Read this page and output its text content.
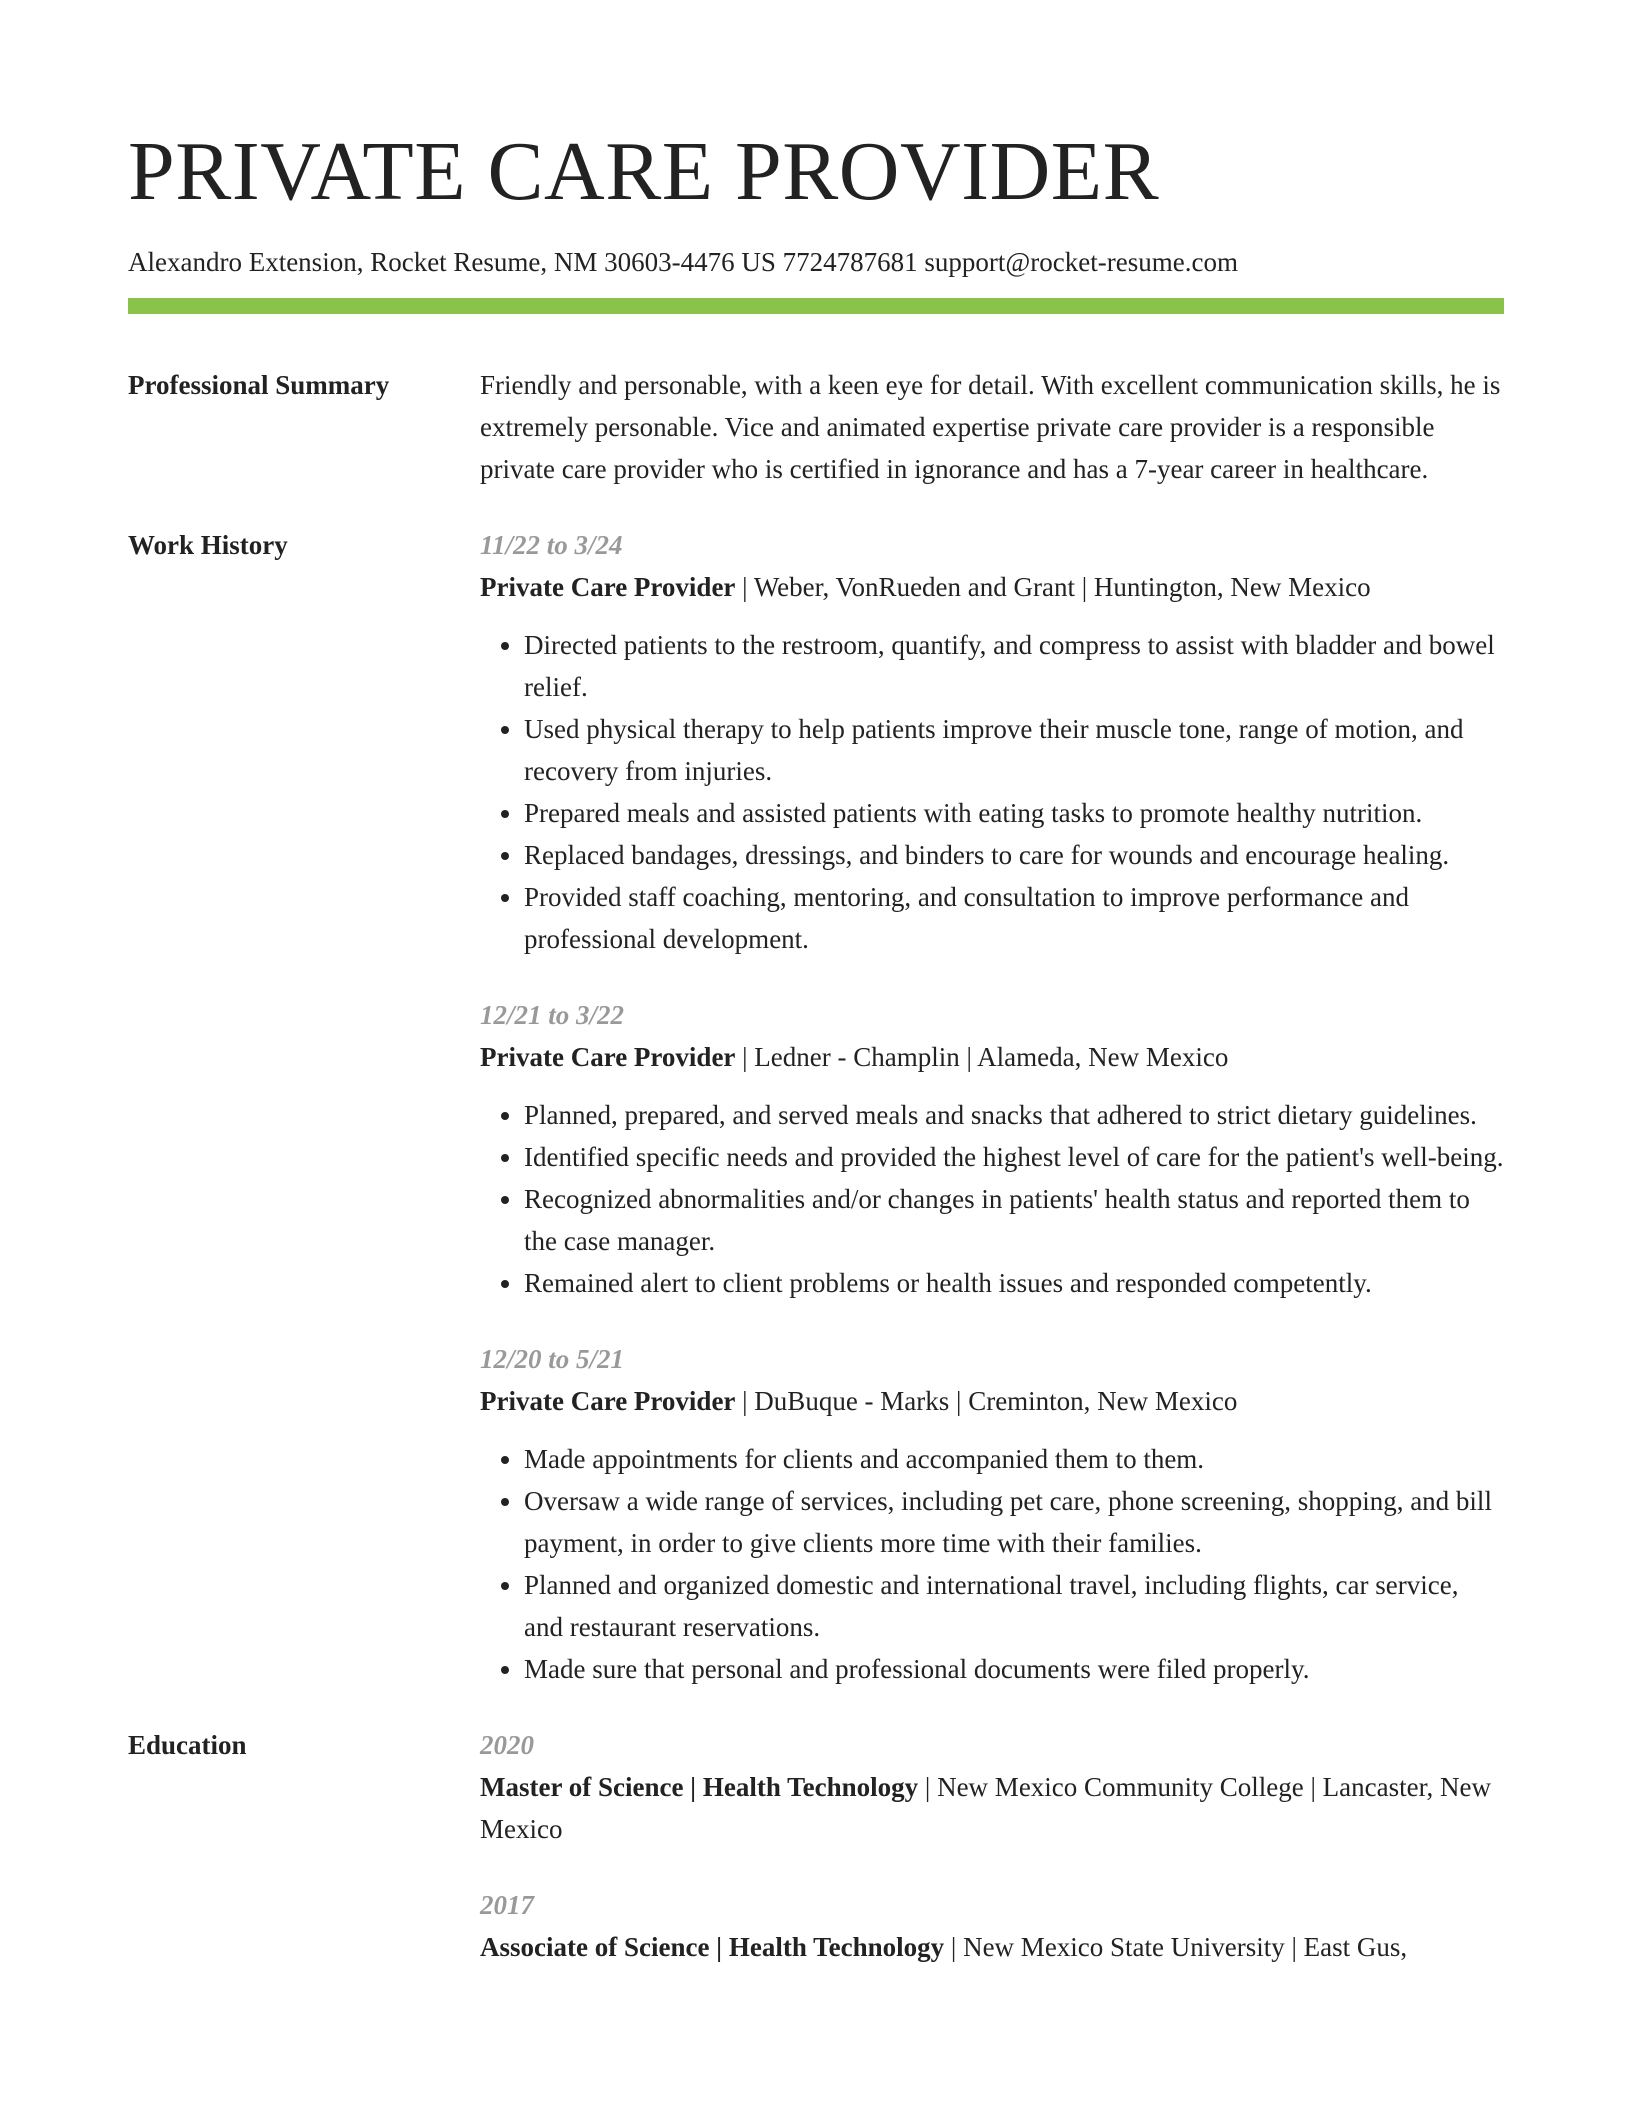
PRIVATE CARE PROVIDER
Alexandro Extension, Rocket Resume, NM 30603-4476 US 7724787681 support@rocket-resume.com
Professional Summary	Friendly and personable, with a keen eye for detail. With excellent communication skills, he is extremely personable. Vice and animated expertise private care provider is a responsible private care provider who is certified in ignorance and has a 7-year career in healthcare.

Work History	11/22 to 3/24
Private Care Provider | Weber, VonRueden and Grant | Huntington, New Mexico
• Directed patients to the restroom, quantify, and compress to assist with bladder and bowel relief.
• Used physical therapy to help patients improve their muscle tone, range of motion, and recovery from injuries.
• Prepared meals and assisted patients with eating tasks to promote healthy nutrition.
• Replaced bandages, dressings, and binders to care for wounds and encourage healing.
• Provided staff coaching, mentoring, and consultation to improve performance and professional development.
12/21 to 3/22
Private Care Provider | Ledner - Champlin | Alameda, New Mexico
• Planned, prepared, and served meals and snacks that adhered to strict dietary guidelines.
• Identified specific needs and provided the highest level of care for the patient's well-being.
• Recognized abnormalities and/or changes in patients' health status and reported them to the case manager.
• Remained alert to client problems or health issues and responded competently.
12/20 to 5/21
Private Care Provider | DuBuque - Marks | Creminton, New Mexico
• Made appointments for clients and accompanied them to them.
• Oversaw a wide range of services, including pet care, phone screening, shopping, and bill payment, in order to give clients more time with their families.
• Planned and organized domestic and international travel, including flights, car service, and restaurant reservations.
• Made sure that personal and professional documents were filed properly.
Education	2020
Master of Science | Health Technology | New Mexico Community College | Lancaster, New Mexico
2017
Associate of Science | Health Technology | New Mexico State University | East Gus,
